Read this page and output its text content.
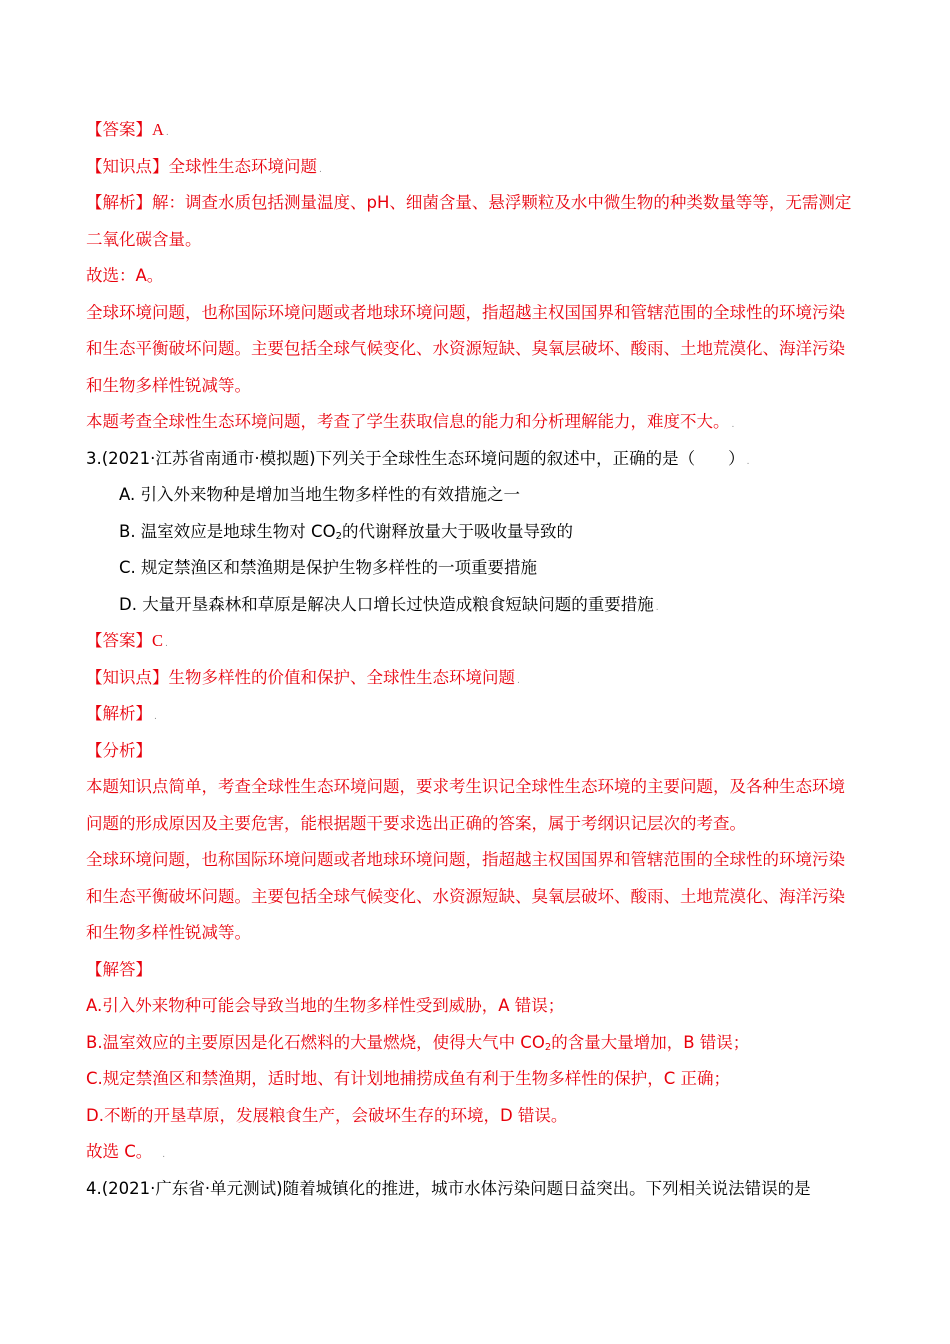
【答案】A .
【知识点】全球性生态环境问题 .
【解析】解：调查水质包括测量温度、pH、细菌含量、悬浮颗粒及水中微生物的种类数量等等，无需测定
二氧化碳含量。
故选：A。
全球环境问题，也称国际环境问题或者地球环境问题，指超越主权国国界和管辖范围的全球性的环境污染
和生态平衡破坏问题。主要包括全球气候变化、水资源短缺、臭氧层破坏、酸雨、土地荒漠化、海洋污染
和生物多样性锐减等。
本题考查全球性生态环境问题，考查了学生获取信息的能力和分析理解能力，难度不大。 .
3.(2021·江苏省南通市·模拟题)下列关于全球性生态环境问题的叙述中，正确的是（　　） .
A. 引入外来物种是增加当地生物多样性的有效措施之一
B. 温室效应是地球生物对 $CO_2$的代谢释放量大于吸收量导致的
C. 规定禁渔区和禁渔期是保护生物多样性的一项重要措施
D. 大量开垦森林和草原是解决人口增长过快造成粮食短缺问题的重要措施 .
【答案】C .
【知识点】生物多样性的价值和保护、全球性生态环境问题 .
【解析】 .
【分析】
本题知识点简单，考查全球性生态环境问题，要求考生识记全球性生态环境的主要问题，及各种生态环境
问题的形成原因及主要危害，能根据题干要求选出正确的答案，属于考纲识记层次的考查。
全球环境问题，也称国际环境问题或者地球环境问题，指超越主权国国界和管辖范围的全球性的环境污染
和生态平衡破坏问题。主要包括全球气候变化、水资源短缺、臭氧层破坏、酸雨、土地荒漠化、海洋污染
和生物多样性锐减等。
【解答】
A.引入外来物种可能会导致当地的生物多样性受到威胁，A 错误；
B.温室效应的主要原因是化石燃料的大量燃烧，使得大气中 $CO_2$的含量大量增加，B 错误；
C.规定禁渔区和禁渔期，适时地、有计划地捕捞成鱼有利于生物多样性的保护，C 正确；
D.不断的开垦草原，发展粮食生产，会破坏生存的环境，D 错误。
故选 C。 .
4.(2021·广东省·单元测试)随着城镇化的推进，城市水体污染问题日益突出。下列相关说法错误的是
